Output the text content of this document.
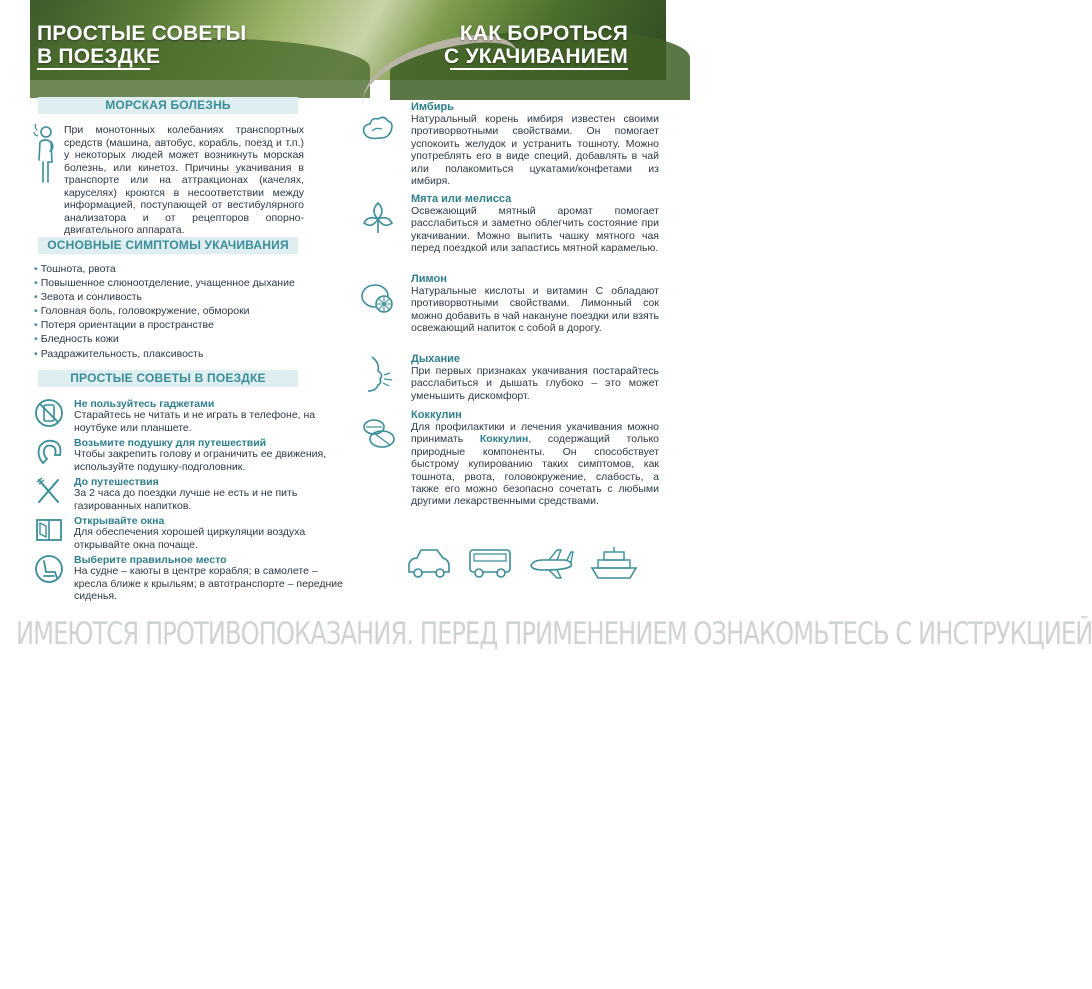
ПРОСТЫЕ СОВЕТЫ
В ПОЕЗДКЕ
КАК БОРОТЬСЯ
С УКАЧИВАНИЕМ
МОРСКАЯ БОЛЕЗНЬ
При монотонных колебаниях транспортных средств (машина, автобус, корабль, поезд и т.п.) у некоторых людей может возникнуть морская болезнь, или кинетоз. Причины укачивания в транспорте или на аттракционах (качелях, каруселях) кроются в несоответствии между информацией, поступающей от вестибулярного анализатора и от рецепторов опорно-двигательного аппарата.
ОСНОВНЫЕ СИМПТОМЫ УКАЧИВАНИЯ
• Тошнота, рвота
• Повышенное слюноотделение, учащенное дыхание
• Зевота и сонливость
• Головная боль, головокружение, обмороки
• Потеря ориентации в пространстве
• Бледность кожи
• Раздражительность, плаксивость
ПРОСТЫЕ СОВЕТЫ В ПОЕЗДКЕ
Не пользуйтесь гаджетами
Старайтесь не читать и не играть в телефоне, на ноутбуке или планшете.
Возьмите подушку для путешествий
Чтобы закрепить голову и ограничить ее движения, используйте подушку-подголовник.
До путешествия
За 2 часа до поездки лучше не есть и не пить газированных напитков.
Открывайте окна
Для обеспечения хорошей циркуляции воздуха открывайте окна почаще.
Выберите правильное место
На судне – каюты в центре корабля; в самолете – кресла ближе к крыльям; в автотранспорте – передние сиденья.
Имбирь
Натуральный корень имбиря известен своими противорвотными свойствами. Он помогает успокоить желудок и устранить тошноту. Можно употреблять его в виде специй, добавлять в чай или полакомиться цукатами/конфетами из имбиря.
Мята или мелисса
Освежающий мятный аромат помогает расслабиться и заметно облегчить состояние при укачивании. Можно выпить чашку мятного чая перед поездкой или запастись мятной карамелью.
Лимон
Натуральные кислоты и витамин С обладают противорвотными свойствами. Лимонный сок можно добавить в чай накануне поездки или взять освежающий напиток с собой в дорогу.
Дыхание
При первых признаках укачивания постарайтесь расслабиться и дышать глубоко – это может уменьшить дискомфорт.
Коккулин
Для профилактики и лечения укачивания можно принимать Коккулин, содержащий только природные компоненты. Он способствует быстрому купированию таких симптомов, как тошнота, рвота, головокружение, слабость, а также его можно безопасно сочетать с любыми другими лекарственными средствами.
ИМЕЮТСЯ ПРОТИВОПОКАЗАНИЯ. ПЕРЕД ПРИМЕНЕНИЕМ ОЗНАКОМЬТЕСЬ С ИНСТРУКЦИЕЙ
